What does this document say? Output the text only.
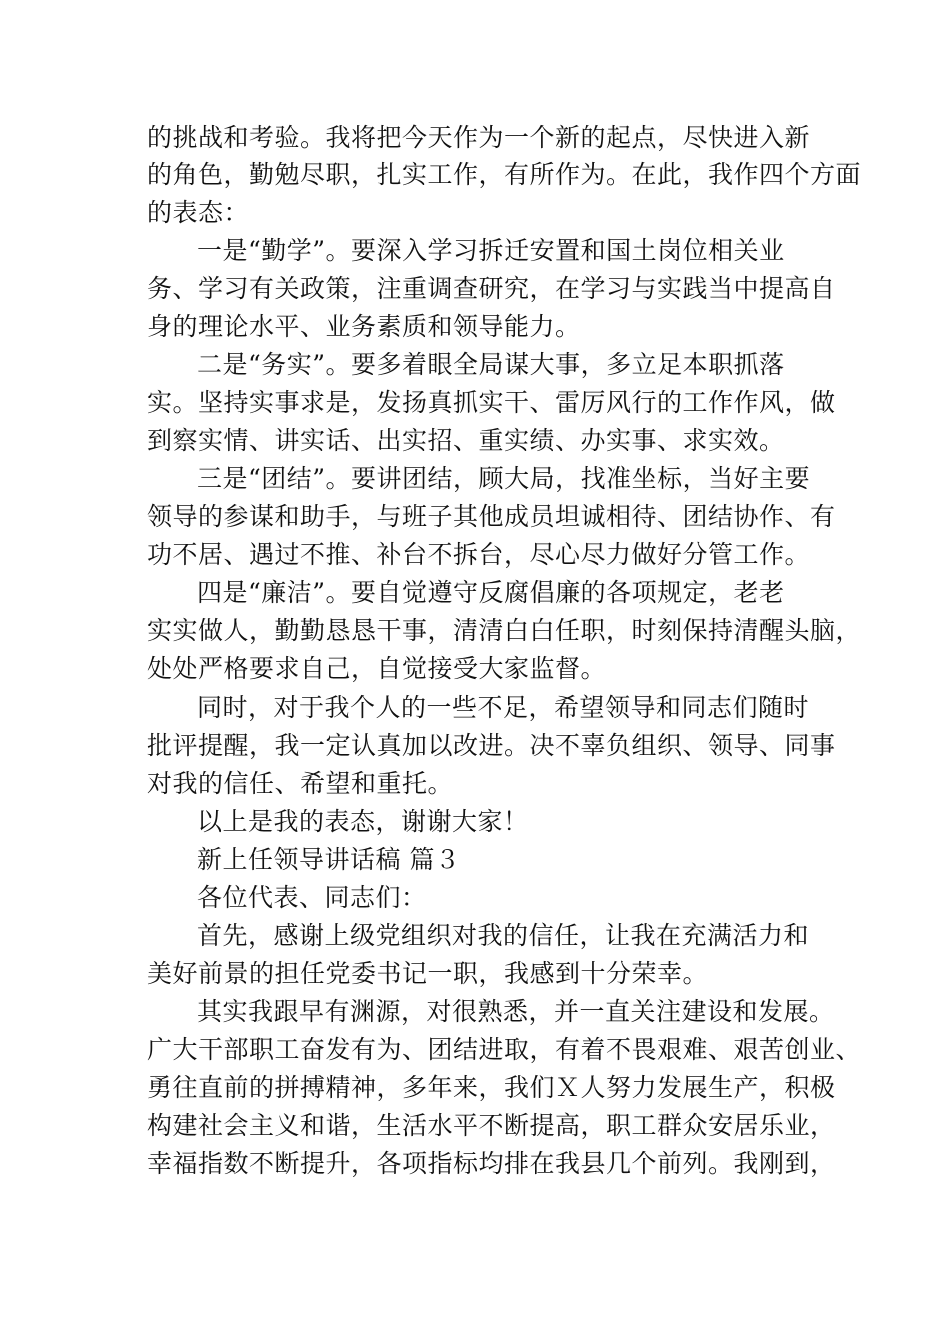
的挑战和考验。我将把今天作为一个新的起点，尽快进入新
的角色，勤勉尽职，扎实工作，有所作为。在此，我作四个方面
的表态：
一是“勤学”。要深入学习拆迁安置和国土岗位相关业
务、学习有关政策，注重调查研究，在学习与实践当中提高自
身的理论水平、业务素质和领导能力。
二是“务实”。要多着眼全局谋大事，多立足本职抓落
实。坚持实事求是，发扬真抓实干、雷厉风行的工作作风，做
到察实情、讲实话、出实招、重实绩、办实事、求实效。
三是“团结”。要讲团结，顾大局，找准坐标，当好主要
领导的参谋和助手，与班子其他成员坦诚相待、团结协作、有
功不居、遇过不推、补台不拆台，尽心尽力做好分管工作。
四是“廉洁”。要自觉遵守反腐倡廉的各项规定，老老
实实做人，勤勤恳恳干事，清清白白任职，时刻保持清醒头脑，
处处严格要求自己，自觉接受大家监督。
同时，对于我个人的一些不足，希望领导和同志们随时
批评提醒，我一定认真加以改进。决不辜负组织、领导、同事
对我的信任、希望和重托。
以上是我的表态，谢谢大家！
新上任领导讲话稿 篇３
各位代表、同志们：
首先，感谢上级党组织对我的信任，让我在充满活力和
美好前景的担任党委书记一职，我感到十分荣幸。
其实我跟早有渊源，对很熟悉，并一直关注建设和发展。
广大干部职工奋发有为、团结进取，有着不畏艰难、艰苦创业、
勇往直前的拼搏精神，多年来，我们Ｘ人努力发展生产，积极
构建社会主义和谐，生活水平不断提高，职工群众安居乐业，
幸福指数不断提升，各项指标均排在我县几个前列。我刚到，
